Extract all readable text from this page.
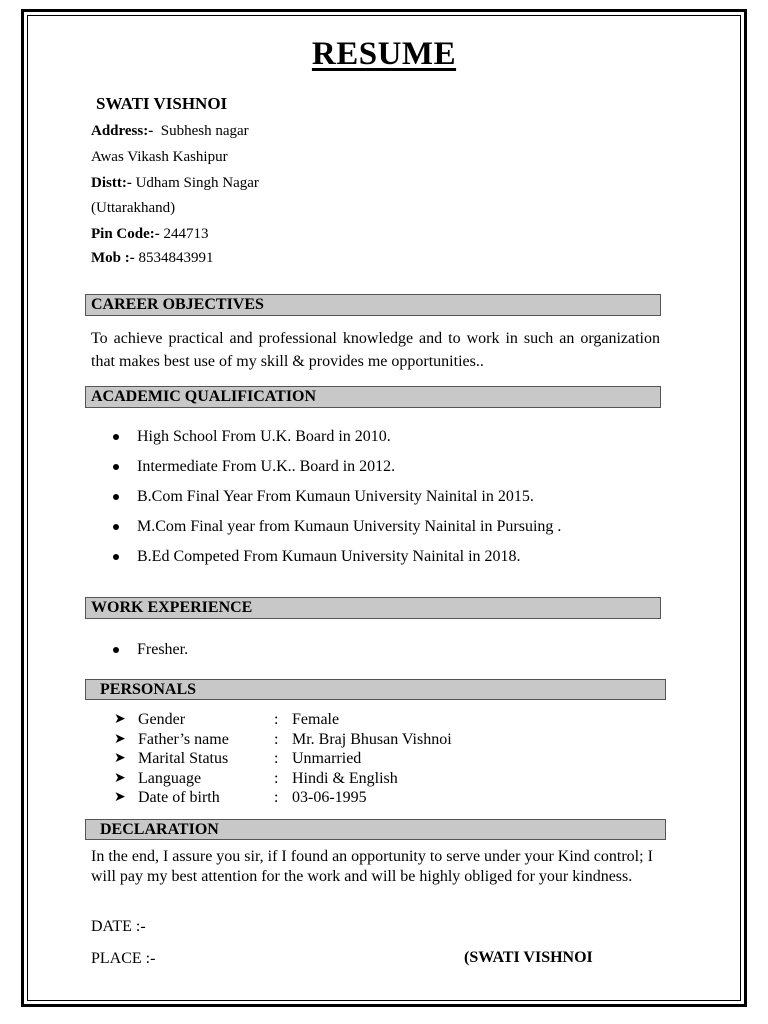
RESUME
SWATI VISHNOI
Address:- Subhesh nagar
Awas Vikash Kashipur
Distt:- Udham Singh Nagar
(Uttarakhand)
Pin Code:- 244713
Mob :- 8534843991
CAREER OBJECTIVES
To achieve practical and professional knowledge and to work in such an organization that makes best use of my skill & provides me opportunities..
ACADEMIC QUALIFICATION
High School From U.K. Board in 2010.
Intermediate From U.K.. Board in 2012.
B.Com Final Year From Kumaun University Nainital in 2015.
M.Com Final year from Kumaun University Nainital in Pursuing .
B.Ed Competed From Kumaun University Nainital in 2018.
WORK EXPERIENCE
Fresher.
PERSONALS
➤ Gender	: Female
➤ Father’s name	: Mr. Braj Bhusan Vishnoi
➤ Marital Status	: Unmarried
➤ Language	: Hindi & English
➤ Date of birth	: 03-06-1995
DECLARATION
In the end, I assure you sir, if I found an opportunity to serve under your Kind control; I will pay my best attention for the work and will be highly obliged for your kindness.
DATE :-
PLACE :-	(SWATI VISHNOI
